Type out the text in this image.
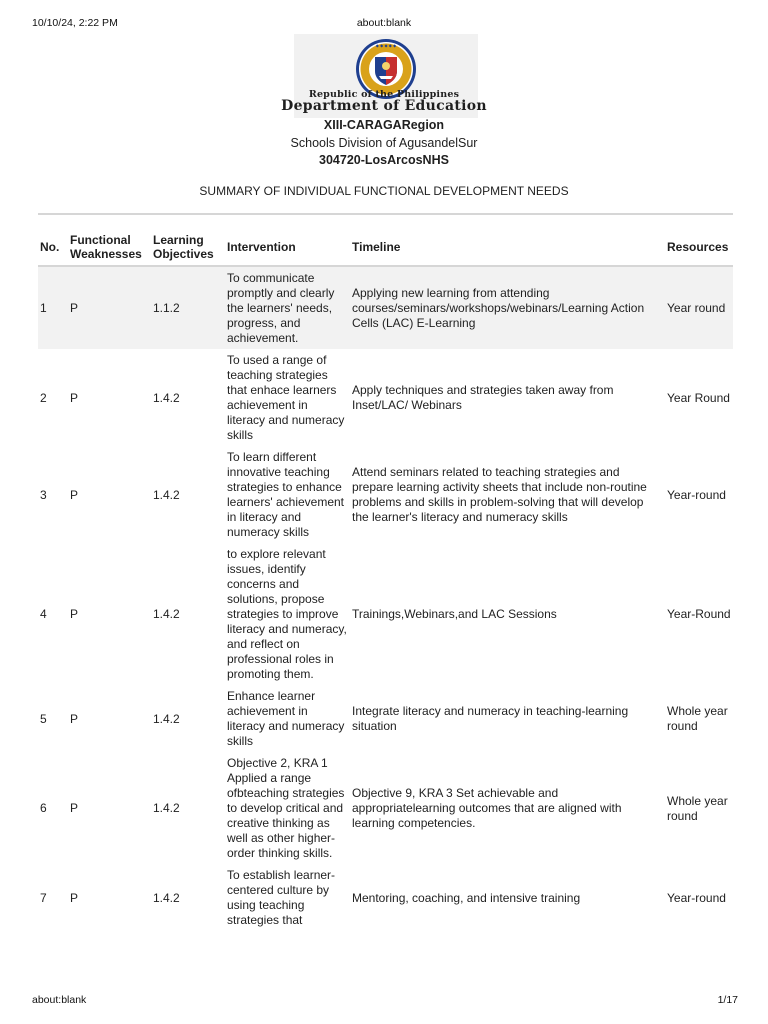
10/10/24, 2:22 PM	about:blank
◆ ◆ ◆ ◆ ◆
Republic of the Philippines
Department of Education
XIII-CARAGARegion
Schools Division of AgusandelSur
304720-LosArcosNHS
SUMMARY OF INDIVIDUAL FUNCTIONAL DEVELOPMENT NEEDS
No.	Functional Weaknesses	Learning Objectives	Intervention	Timeline	Resources
1	P	1.1.2	To communicate promptly and clearly the learners' needs, progress, and achievement.	Applying new learning from attending courses/seminars/workshops/webinars/Learning Action Cells (LAC) E-Learning	Year round
2	P	1.4.2	To used a range of teaching strategies that enhace learners achievement in literacy and numeracy skills	Apply techniques and strategies taken away from Inset/LAC/ Webinars	Year Round
3	P	1.4.2	To learn different innovative teaching strategies to enhance learners' achievement in literacy and numeracy skills	Attend seminars related to teaching strategies and prepare learning activity sheets that include non-routine problems and skills in problem-solving that will develop the learner's literacy and numeracy skills	Year-round
4	P	1.4.2	to explore relevant issues, identify concerns and solutions, propose strategies to improve literacy and numeracy, and reflect on professional roles in promoting them.	Trainings,Webinars,and LAC Sessions	Year-Round
5	P	1.4.2	Enhance learner achievement in literacy and numeracy skills	Integrate literacy and numeracy in teaching-learning situation	Whole year round
6	P	1.4.2	Objective 2, KRA 1 Applied a range ofbteaching strategies to develop critical and creative thinking as well as other higher-order thinking skills.	Objective 9, KRA 3 Set achievable and appropriatelearning outcomes that are aligned with learning competencies.	Whole year round
7	P	1.4.2	To establish learner-centered culture by using teaching strategies that	Mentoring, coaching, and intensive training	Year-round
about:blank	1/17
